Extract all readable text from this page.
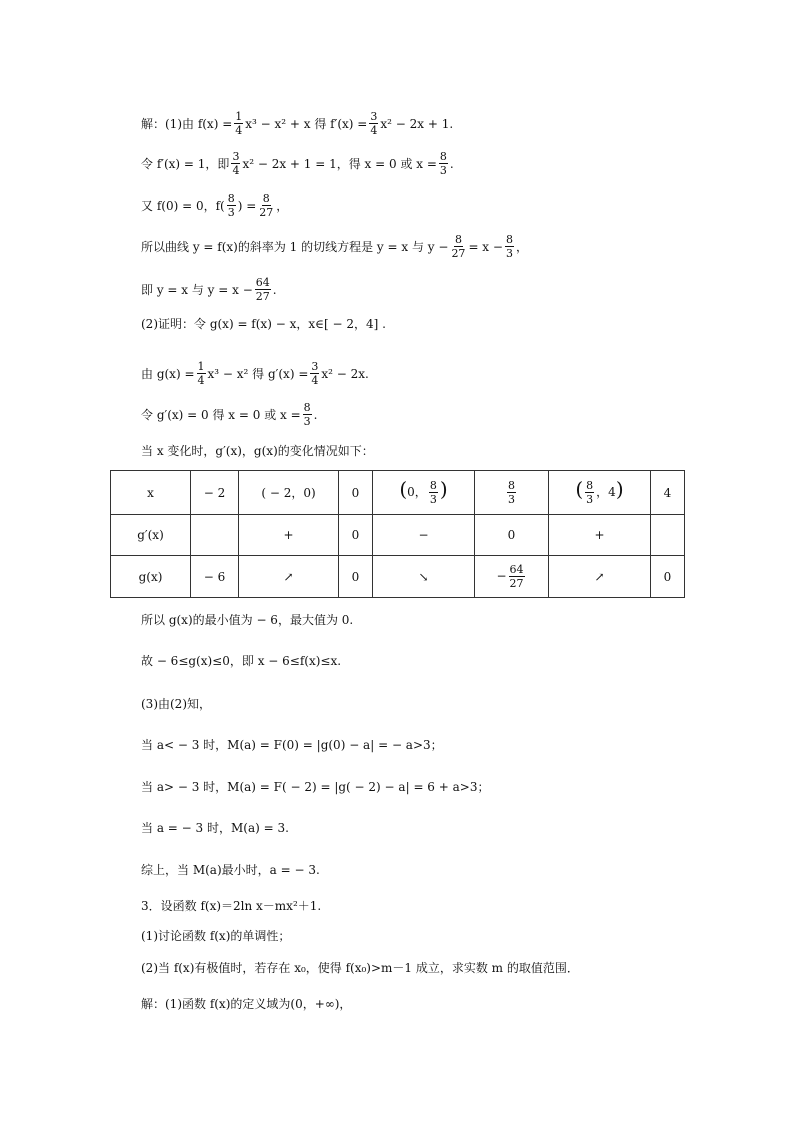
解：(1)由 $f(x) = \frac{1}{4} x^3 - x^2 + x$ 得 $f'(x) = \frac{3}{4} x^2 - 2x + 1$.
令 f′(x) = 1，即 $\frac{3}{4} x^2 - 2x + 1 = 1$，得 x = 0 或 $x = \frac{8}{3}$ .
又 f(0) = 0，$f( \frac{8}{3}$ ) = $\frac{8}{27}$ ，
所以曲线 y = f(x)的斜率为 1 的切线方程是 y = x 与 $y - \frac{8}{27} = x - \frac{8}{3}$ ，
即 y = x 与 $y = x - \frac{64}{27}$ .
(2)证明：令 g(x) = f(x) − x，x∈[ − 2，4] .
由 $g(x) = \frac{1}{4} x^3 - x^2$ 得 $g'(x) = \frac{3}{4} x^2 - 2x$.
令 g′(x) = 0 得 x = 0 或 $x = \frac{8}{3}$ .
当 x 变化时，g′(x)，g(x)的变化情况如下：
x	− 2	( − 2，0)	0	(0， $\frac{8}{3}$ )	$\frac{8}{3}$	( $\frac{8}{3}$ ，4)	4
g′(x)		+	0	−	0	+	
g(x)	− 6	↗	0	↘	− $\frac{64}{27}$	↗	0
所以 g(x)的最小值为 − 6，最大值为 0.
故 − 6≤g(x)≤0，即 x − 6≤f(x)≤x.
(3)由(2)知，
当 a< − 3 时，M(a) = F(0) = |g(0) − a| = − a>3；
当 a> − 3 时，M(a) = F( − 2) = |g( − 2) − a| = 6 + a>3；
当 a = − 3 时，M(a) = 3.
综上，当 M(a)最小时，a = − 3.
3．设函数 f(x)＝2ln x－mx²＋1.
(1)讨论函数 f(x)的单调性；
(2)当 f(x)有极值时，若存在 x₀，使得 f(x₀)>m－1 成立，求实数 m 的取值范围．
解：(1)函数 f(x)的定义域为(0，+∞)，
